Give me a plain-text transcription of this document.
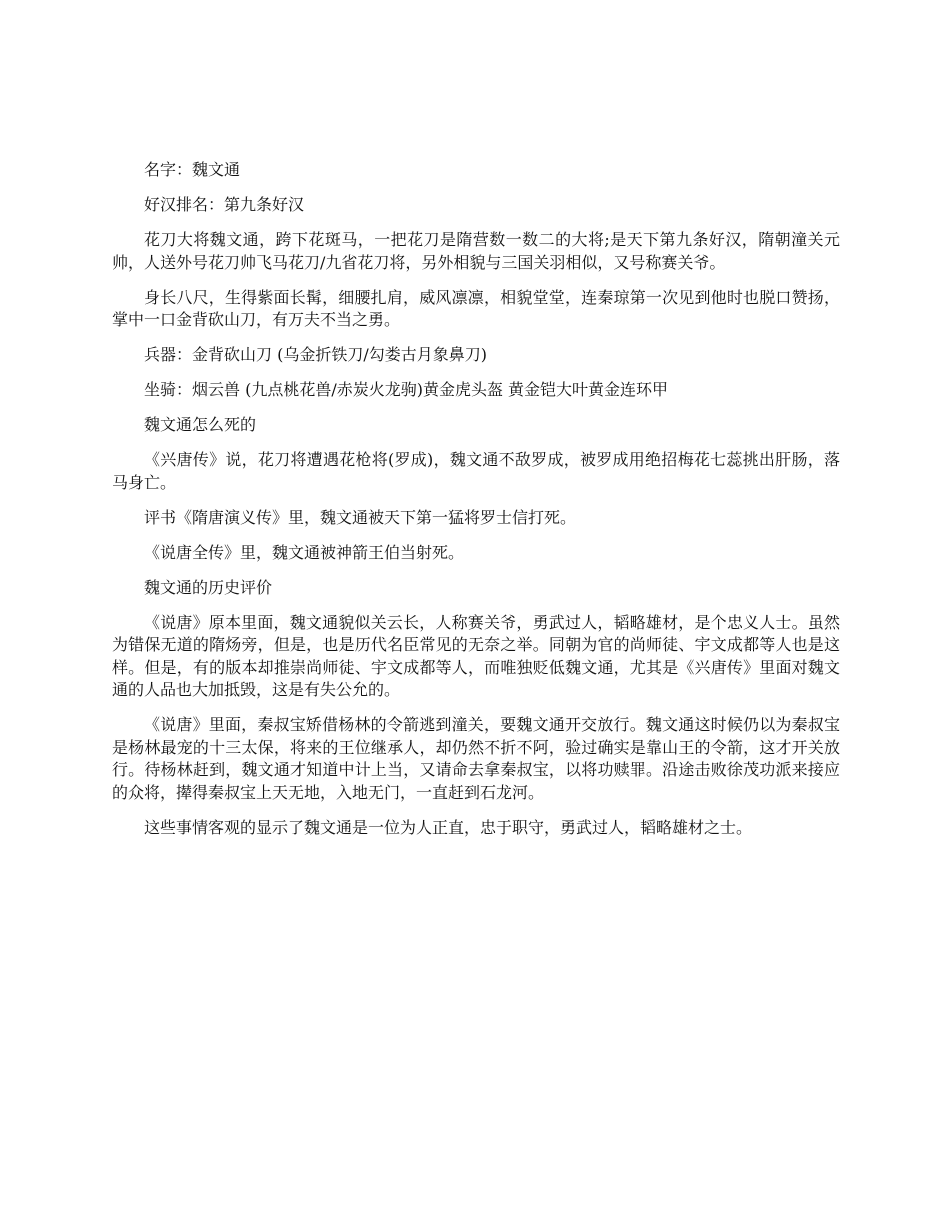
名字：魏文通

好汉排名：第九条好汉

花刀大将魏文通，跨下花斑马，一把花刀是隋营数一数二的大将;是天下第九条好汉，隋朝潼关元帅，人送外号花刀帅飞马花刀/九省花刀将，另外相貌与三国关羽相似，又号称赛关爷。

身长八尺，生得紫面长髯，细腰扎肩，威风凛凛，相貌堂堂，连秦琼第一次见到他时也脱口赞扬，掌中一口金背砍山刀，有万夫不当之勇。

兵器：金背砍山刀 (乌金折铁刀/勾娄古月象鼻刀)

坐骑：烟云兽 (九点桃花兽/赤炭火龙驹)黄金虎头盔 黄金铠大叶黄金连环甲

魏文通怎么死的

《兴唐传》说，花刀将遭遇花枪将(罗成)，魏文通不敌罗成，被罗成用绝招梅花七蕊挑出肝肠，落马身亡。

评书《隋唐演义传》里，魏文通被天下第一猛将罗士信打死。

《说唐全传》里，魏文通被神箭王伯当射死。

魏文通的历史评价

《说唐》原本里面，魏文通貌似关云长，人称赛关爷，勇武过人，韬略雄材，是个忠义人士。虽然为错保无道的隋炀旁，但是，也是历代名臣常见的无奈之举。同朝为官的尚师徒、宇文成都等人也是这样。但是，有的版本却推崇尚师徒、宇文成都等人，而唯独贬低魏文通，尤其是《兴唐传》里面对魏文通的人品也大加抵毁，这是有失公允的。

《说唐》里面，秦叔宝矫借杨林的令箭逃到潼关，要魏文通开交放行。魏文通这时候仍以为秦叔宝是杨林最宠的十三太保，将来的王位继承人，却仍然不折不阿，验过确实是靠山王的令箭，这才开关放行。待杨林赶到，魏文通才知道中计上当，又请命去拿秦叔宝，以将功赎罪。沿途击败徐茂功派来接应的众将，撵得秦叔宝上天无地，入地无门，一直赶到石龙河。

这些事情客观的显示了魏文通是一位为人正直，忠于职守，勇武过人，韬略雄材之士。
